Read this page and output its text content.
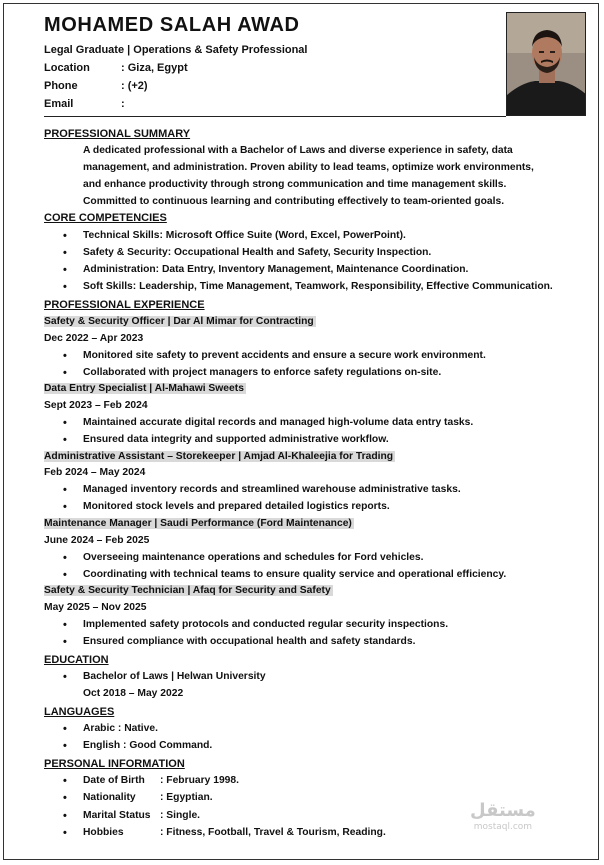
MOHAMED SALAH AWAD
Legal Graduate | Operations & Safety Professional
Location	: Giza, Egypt
Phone	: (+2)
Email	:
PROFESSIONAL SUMMARY
A dedicated professional with a Bachelor of Laws and diverse experience in safety, data management, and administration. Proven ability to lead teams, optimize work environments, and enhance productivity through strong communication and time management skills. Committed to continuous learning and contributing effectively to team-oriented goals.
CORE COMPETENCIES
• Technical Skills: Microsoft Office Suite (Word, Excel, PowerPoint).
• Safety & Security: Occupational Health and Safety, Security Inspection.
• Administration: Data Entry, Inventory Management, Maintenance Coordination.
• Soft Skills: Leadership, Time Management, Teamwork, Responsibility, Effective Communication.
PROFESSIONAL EXPERIENCE
Safety & Security Officer | Dar Al Mimar for Contracting
Dec 2022 – Apr 2023
• Monitored site safety to prevent accidents and ensure a secure work environment.
• Collaborated with project managers to enforce safety regulations on-site.
Data Entry Specialist | Al-Mahawi Sweets
Sept 2023 – Feb 2024
• Maintained accurate digital records and managed high-volume data entry tasks.
• Ensured data integrity and supported administrative workflow.
Administrative Assistant – Storekeeper | Amjad Al-Khaleejia for Trading
Feb 2024 – May 2024
• Managed inventory records and streamlined warehouse administrative tasks.
• Monitored stock levels and prepared detailed logistics reports.
Maintenance Manager | Saudi Performance (Ford Maintenance)
June 2024 – Feb 2025
• Overseeing maintenance operations and schedules for Ford vehicles.
• Coordinating with technical teams to ensure quality service and operational efficiency.
Safety & Security Technician | Afaq for Security and Safety
May 2025 – Nov 2025
• Implemented safety protocols and conducted regular security inspections.
• Ensured compliance with occupational health and safety standards.
EDUCATION
• Bachelor of Laws | Helwan University
Oct 2018 – May 2022
LANGUAGES
• Arabic : Native.
• English : Good Command.
PERSONAL INFORMATION
• Date of Birth : February 1998.
• Nationality : Egyptian.
• Marital Status : Single.
• Hobbies	: Fitness, Football, Travel & Tourism, Reading.
مستقل
mostaql.com
